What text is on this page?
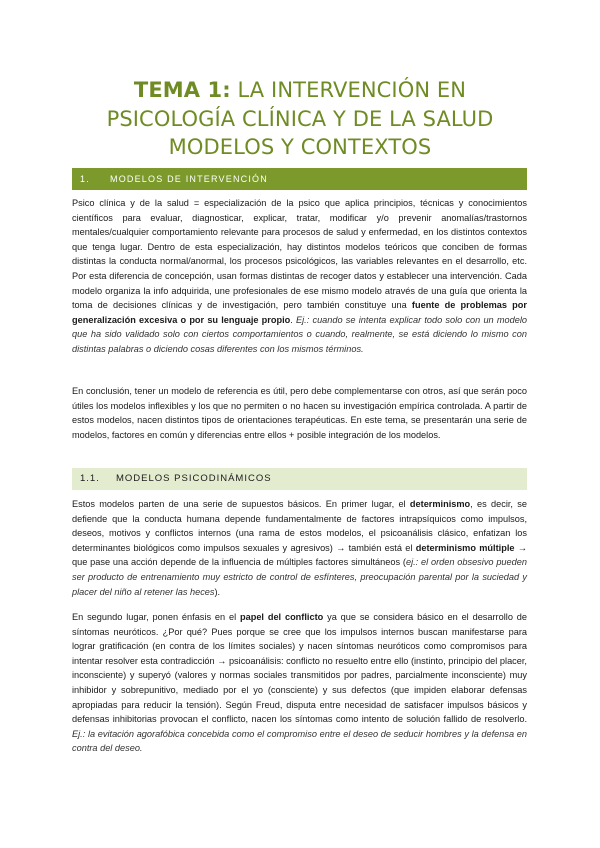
TEMA 1: LA INTERVENCIÓN EN
PSICOLOGÍA CLÍNICA Y DE LA SALUD
MODELOS Y CONTEXTOS
1. MODELOS DE INTERVENCIÓN

Psico clínica y de la salud = especialización de la psico que aplica principios, técnicas y conocimientos científicos para evaluar, diagnosticar, explicar, tratar, modificar y/o prevenir anomalías/trastornos mentales/cualquier comportamiento relevante para procesos de salud y enfermedad, en los distintos contextos que tenga lugar. Dentro de esta especialización, hay distintos modelos teóricos que conciben de formas distintas la conducta normal/anormal, los procesos psicológicos, las variables relevantes en el desarrollo, etc. Por esta diferencia de concepción, usan formas distintas de recoger datos y establecer una intervención. Cada modelo organiza la info adquirida, une profesionales de ese mismo modelo através de una guía que orienta la toma de decisiones clínicas y de investigación, pero también constituye una fuente de problemas por generalización excesiva o por su lenguaje propio. Ej.: cuando se intenta explicar todo solo con un modelo que ha sido validado solo con ciertos comportamientos o cuando, realmente, se está diciendo lo mismo con distintas palabras o diciendo cosas diferentes con los mismos términos.

En conclusión, tener un modelo de referencia es útil, pero debe complementarse con otros, así que serán poco útiles los modelos inflexibles y los que no permiten o no hacen su investigación empírica controlada. A partir de estos modelos, nacen distintos tipos de orientaciones terapéuticas. En este tema, se presentarán una serie de modelos, factores en común y diferencias entre ellos + posible integración de los modelos.

1.1. MODELOS PSICODINÁMICOS

Estos modelos parten de una serie de supuestos básicos. En primer lugar, el determinismo, es decir, se defiende que la conducta humana depende fundamentalmente de factores intrapsíquicos como impulsos, deseos, motivos y conflictos internos (una rama de estos modelos, el psicoanálisis clásico, enfatizan los determinantes biológicos como impulsos sexuales y agresivos) → también está el determinismo múltiple → que pase una acción depende de la influencia de múltiples factores simultáneos (ej.: el orden obsesivo pueden ser producto de entrenamiento muy estricto de control de esfínteres, preocupación parental por la suciedad y placer del niño al retener las heces).

En segundo lugar, ponen énfasis en el papel del conflicto ya que se considera básico en el desarrollo de síntomas neuróticos. ¿Por qué? Pues porque se cree que los impulsos internos buscan manifestarse para lograr gratificación (en contra de los límites sociales) y nacen síntomas neuróticos como compromisos para intentar resolver esta contradicción → psicoanálisis: conflicto no resuelto entre ello (instinto, principio del placer, inconsciente) y superyó (valores y normas sociales transmitidos por padres, parcialmente inconsciente) muy inhibidor y sobrepunitivo, mediado por el yo (consciente) y sus defectos (que impiden elaborar defensas apropiadas para reducir la tensión). Según Freud, disputa entre necesidad de satisfacer impulsos básicos y defensas inhibitorias provocan el conflicto, nacen los síntomas como intento de solución fallido de resolverlo. Ej.: la evitación agorafóbica concebida como el compromiso entre el deseo de seducir hombres y la defensa en contra del deseo.
